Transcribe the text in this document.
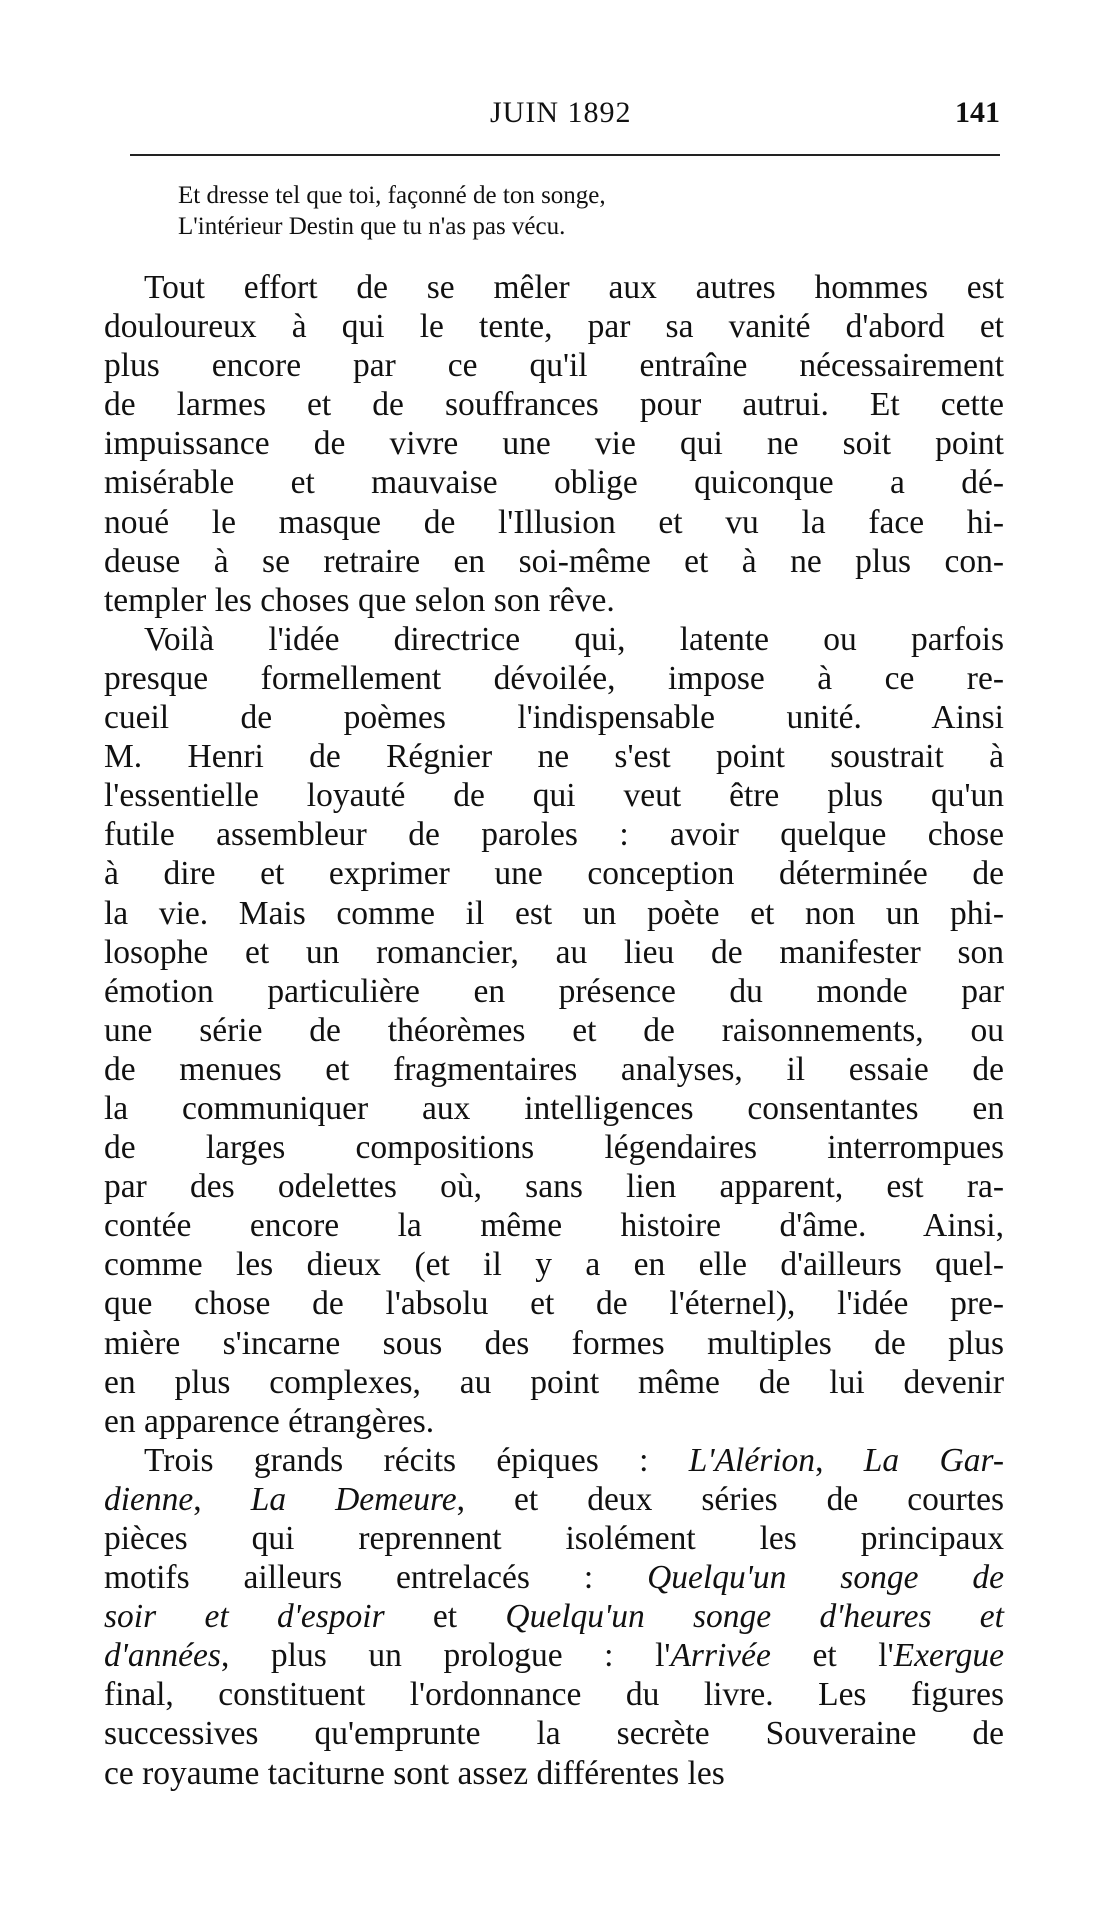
JUIN 1892	141
Et dresse tel que toi, façonné de ton songe,
L'intérieur Destin que tu n'as pas vécu.
Tout effort de se mêler aux autres hommes est
douloureux à qui le tente, par sa vanité d'abord et
plus encore par ce qu'il entraîne nécessairement
de larmes et de souffrances pour autrui. Et cette
impuissance de vivre une vie qui ne soit point
misérable et mauvaise oblige quiconque a dé-
noué le masque de l'Illusion et vu la face hi-
deuse à se retraire en soi-même et à ne plus con-
templer les choses que selon son rêve.
Voilà l'idée directrice qui, latente ou parfois
presque formellement dévoilée, impose à ce re-
cueil de poèmes l'indispensable unité. Ainsi
M. Henri de Régnier ne s'est point soustrait à
l'essentielle loyauté de qui veut être plus qu'un
futile assembleur de paroles : avoir quelque chose
à dire et exprimer une conception déterminée de
la vie. Mais comme il est un poète et non un phi-
losophe et un romancier, au lieu de manifester son
émotion particulière en présence du monde par
une série de théorèmes et de raisonnements, ou
de menues et fragmentaires analyses, il essaie de
la communiquer aux intelligences consentantes en
de larges compositions légendaires interrompues
par des odelettes où, sans lien apparent, est ra-
contée encore la même histoire d'âme. Ainsi,
comme les dieux (et il y a en elle d'ailleurs quel-
que chose de l'absolu et de l'éternel), l'idée pre-
mière s'incarne sous des formes multiples de plus
en plus complexes, au point même de lui devenir
en apparence étrangères.
Trois grands récits épiques : L'Alérion, La Gar-
dienne, La Demeure, et deux séries de courtes
pièces qui reprennent isolément les principaux
motifs ailleurs entrelacés : Quelqu'un songe de
soir et d'espoir et Quelqu'un songe d'heures et
d'années, plus un prologue : l'Arrivée et l'Exergue
final, constituent l'ordonnance du livre. Les figures
successives qu'emprunte la secrète Souveraine de
ce royaume taciturne sont assez différentes les
